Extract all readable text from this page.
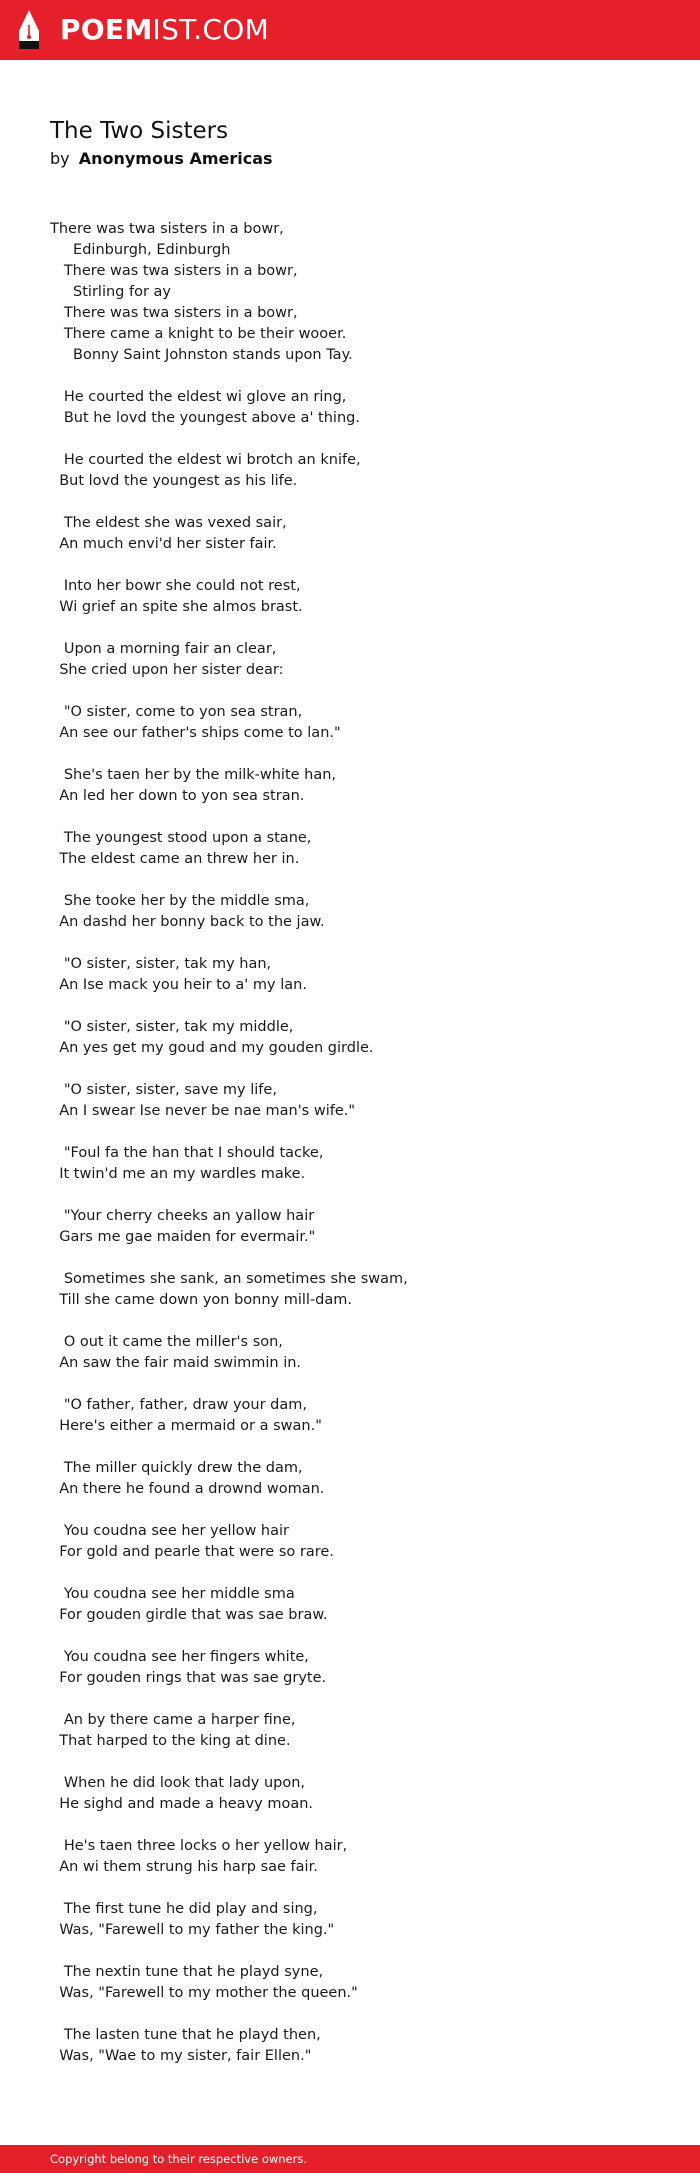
POEMIST.COM
The Two Sisters
by Anonymous Americas
There was twa sisters in a bowr,
Edinburgh, Edinburgh
There was twa sisters in a bowr,
Stirling for ay
There was twa sisters in a bowr,
There came a knight to be their wooer.
Bonny Saint Johnston stands upon Tay.
He courted the eldest wi glove an ring,
But he lovd the youngest above a' thing.
He courted the eldest wi brotch an knife,
But lovd the youngest as his life.
The eldest she was vexed sair,
An much envi'd her sister fair.
Into her bowr she could not rest,
Wi grief an spite she almos brast.
Upon a morning fair an clear,
She cried upon her sister dear:
"O sister, come to yon sea stran,
An see our father's ships come to lan."
She's taen her by the milk-white han,
An led her down to yon sea stran.
The youngest stood upon a stane,
The eldest came an threw her in.
She tooke her by the middle sma,
An dashd her bonny back to the jaw.
"O sister, sister, tak my han,
An Ise mack you heir to a' my lan.
"O sister, sister, tak my middle,
An yes get my goud and my gouden girdle.
"O sister, sister, save my life,
An I swear Ise never be nae man's wife."
"Foul fa the han that I should tacke,
It twin'd me an my wardles make.
"Your cherry cheeks an yallow hair
Gars me gae maiden for evermair."
Sometimes she sank, an sometimes she swam,
Till she came down yon bonny mill-dam.
O out it came the miller's son,
An saw the fair maid swimmin in.
"O father, father, draw your dam,
Here's either a mermaid or a swan."
The miller quickly drew the dam,
An there he found a drownd woman.
You coudna see her yellow hair
For gold and pearle that were so rare.
You coudna see her middle sma
For gouden girdle that was sae braw.
You coudna see her fingers white,
For gouden rings that was sae gryte.
An by there came a harper fine,
That harped to the king at dine.
When he did look that lady upon,
He sighd and made a heavy moan.
He's taen three locks o her yellow hair,
An wi them strung his harp sae fair.
The first tune he did play and sing,
Was, "Farewell to my father the king."
The nextin tune that he playd syne,
Was, "Farewell to my mother the queen."
The lasten tune that he playd then,
Was, "Wae to my sister, fair Ellen."
Copyright belong to their respective owners.
